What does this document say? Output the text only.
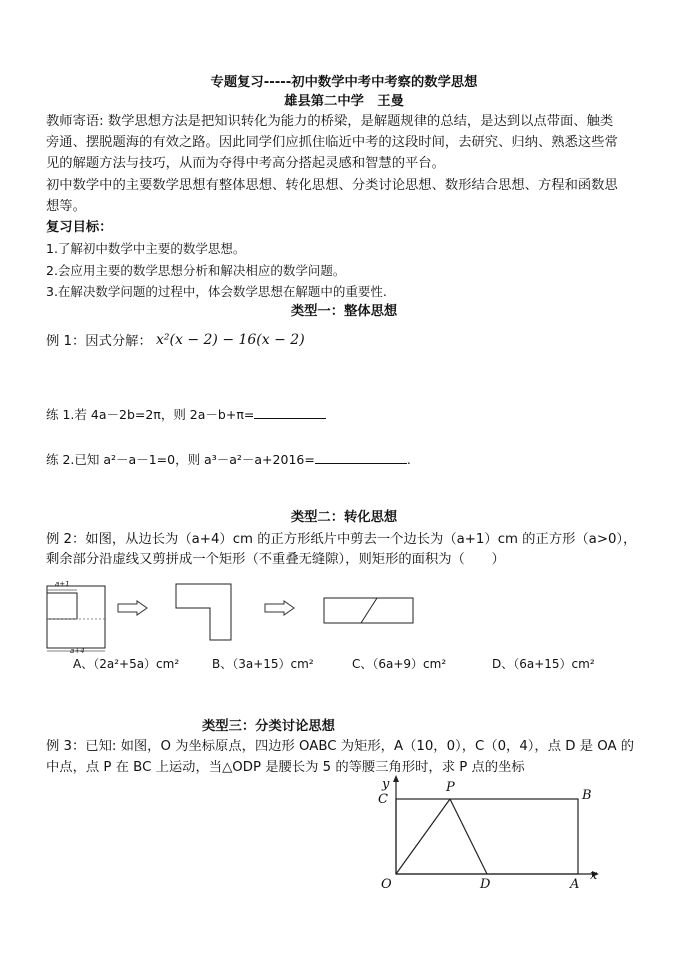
专题复习-----初中数学中考中考察的数学思想
雄县第二中学　王曼
教师寄语: 数学思想方法是把知识转化为能力的桥梁，是解题规律的总结，是达到以点带面、触类
旁通、摆脱题海的有效之路。因此同学们应抓住临近中考的这段时间，去研究、归纳、熟悉这些常
见的解题方法与技巧，从而为夺得中考高分搭起灵感和智慧的平台。
初中数学中的主要数学思想有整体思想、转化思想、分类讨论思想、数形结合思想、方程和函数思
想等。
复习目标：
1.了解初中数学中主要的数学思想。
2.会应用主要的数学思想分析和解决相应的数学问题。
3.在解决数学问题的过程中，体会数学思想在解题中的重要性.
类型一：整体思想
例 1：因式分解： x²(x − 2) − 16(x − 2)
练 1.若 4a－2b=2π，则 2a－b+π=
练 2.已知 a²－a－1=0，则 a³－a²－a+2016=	.
类型二：转化思想
例 2：如图，从边长为（a+4）cm 的正方形纸片中剪去一个边长为（a+1）cm 的正方形（a>0），
剩余部分沿虚线又剪拼成一个矩形（不重叠无缝隙），则矩形的面积为（　　）
a+1
a+4
A、（2a²+5a）cm²	B、（3a+15）cm²	C、（6a+9）cm²	D、（6a+15）cm²
类型三：分类讨论思想
例 3：已知: 如图，O 为坐标原点，四边形 OABC 为矩形，A（10，0），C（0，4），点 D 是 OA 的
中点，点 P 在 BC 上运动，当△ODP 是腰长为 5 的等腰三角形时，求 P 点的坐标
y
x
C
P
B
O	D	A
